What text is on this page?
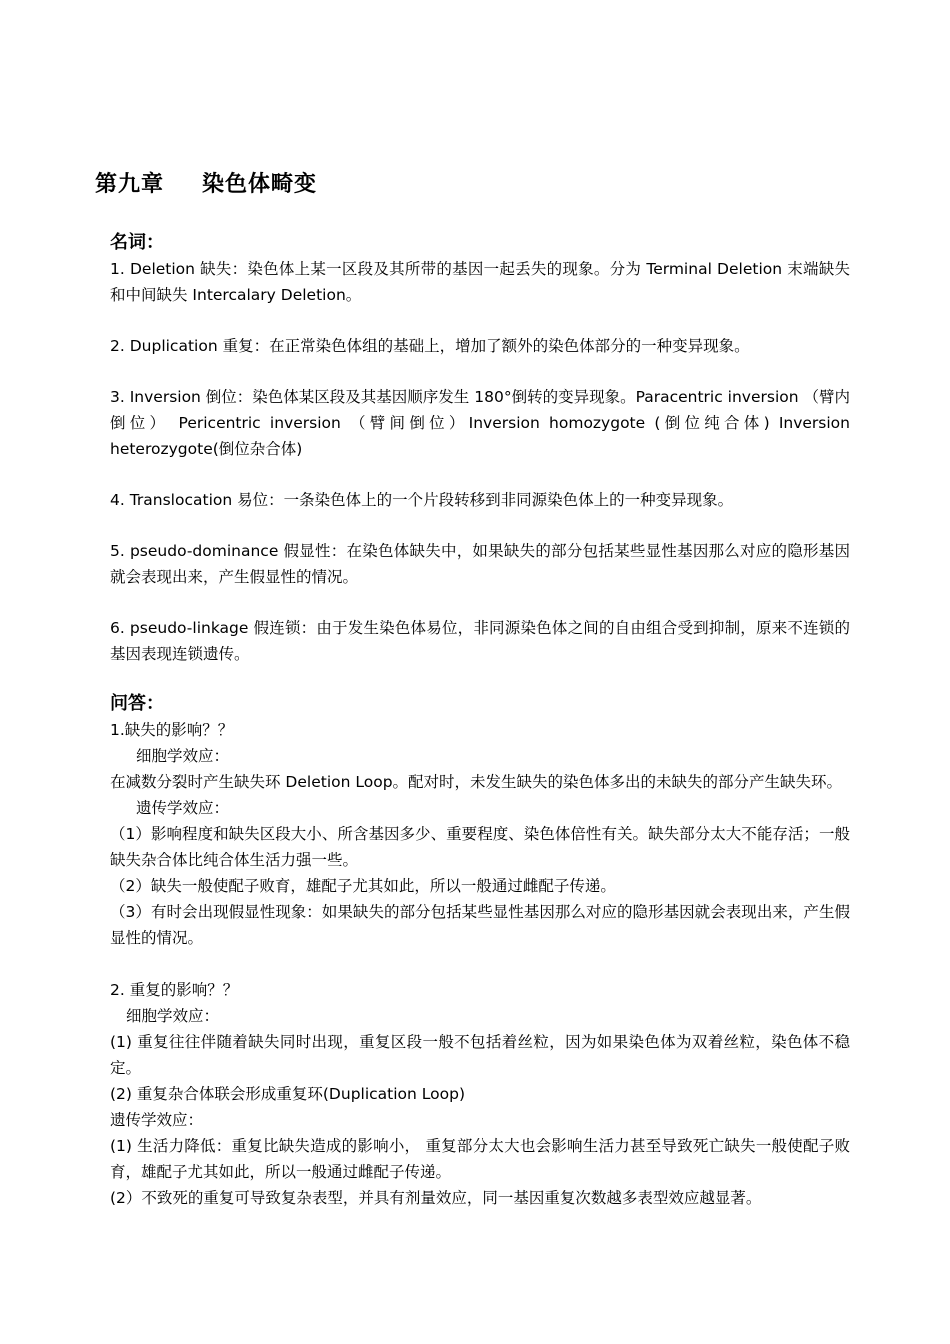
第九章 染色体畸变

名词：

1. Deletion 缺失：染色体上某一区段及其所带的基因一起丢失的现象。分为 Terminal Deletion 末端缺失和中间缺失 Intercalary Deletion。

2. Duplication 重复：在正常染色体组的基础上，增加了额外的染色体部分的一种变异现象。

3. Inversion 倒位：染色体某区段及其基因顺序发生 180°倒转的变异现象。Paracentric inversion （臂内倒位） Pericentric inversion （臂间倒位）Inversion homozygote (倒位纯合体) Inversion heterozygote(倒位杂合体)

4. Translocation 易位：一条染色体上的一个片段转移到非同源染色体上的一种变异现象。

5. pseudo-dominance 假显性：在染色体缺失中，如果缺失的部分包括某些显性基因那么对应的隐形基因就会表现出来，产生假显性的情况。

6. pseudo-linkage 假连锁：由于发生染色体易位，非同源染色体之间的自由组合受到抑制，原来不连锁的基因表现连锁遗传。

问答：

1.缺失的影响？？

细胞学效应：

在减数分裂时产生缺失环 Deletion Loop。配对时，未发生缺失的染色体多出的未缺失的部分产生缺失环。

遗传学效应：

（1）影响程度和缺失区段大小、所含基因多少、重要程度、染色体倍性有关。缺失部分太大不能存活；一般缺失杂合体比纯合体生活力强一些。

（2）缺失一般使配子败育，雄配子尤其如此，所以一般通过雌配子传递。

（3）有时会出现假显性现象：如果缺失的部分包括某些显性基因那么对应的隐形基因就会表现出来，产生假显性的情况。

2. 重复的影响？？

细胞学效应：

(1) 重复往往伴随着缺失同时出现，重复区段一般不包括着丝粒，因为如果染色体为双着丝粒，染色体不稳定。

(2) 重复杂合体联会形成重复环(Duplication Loop)

遗传学效应：

(1) 生活力降低：重复比缺失造成的影响小， 重复部分太大也会影响生活力甚至导致死亡缺失一般使配子败育，雄配子尤其如此，所以一般通过雌配子传递。

(2）不致死的重复可导致复杂表型，并具有剂量效应，同一基因重复次数越多表型效应越显著。
